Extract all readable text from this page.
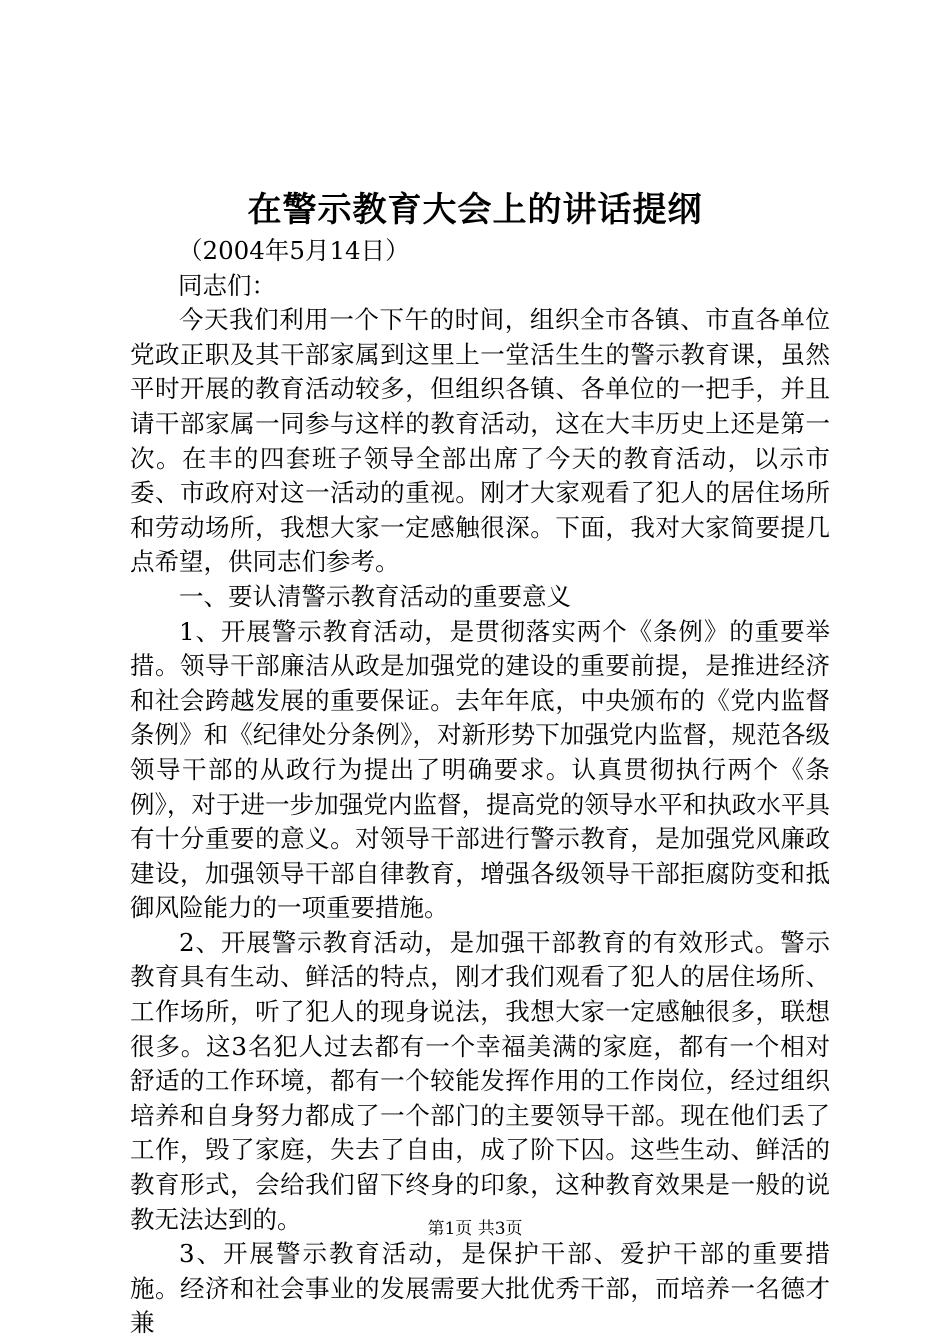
在警示教育大会上的讲话提纲

（2004年5月14日）

同志们：

今天我们利用一个下午的时间，组织全市各镇、市直各单位党政正职及其干部家属到这里上一堂活生生的警示教育课，虽然平时开展的教育活动较多，但组织各镇、各单位的一把手，并且请干部家属一同参与这样的教育活动，这在大丰历史上还是第一次。在丰的四套班子领导全部出席了今天的教育活动，以示市委、市政府对这一活动的重视。刚才大家观看了犯人的居住场所和劳动场所，我想大家一定感触很深。下面，我对大家简要提几点希望，供同志们参考。

一、要认清警示教育活动的重要意义

1、开展警示教育活动，是贯彻落实两个《条例》的重要举措。领导干部廉洁从政是加强党的建设的重要前提，是推进经济和社会跨越发展的重要保证。去年年底，中央颁布的《党内监督条例》和《纪律处分条例》，对新形势下加强党内监督，规范各级领导干部的从政行为提出了明确要求。认真贯彻执行两个《条例》，对于进一步加强党内监督，提高党的领导水平和执政水平具有十分重要的意义。对领导干部进行警示教育，是加强党风廉政建设，加强领导干部自律教育，增强各级领导干部拒腐防变和抵御风险能力的一项重要措施。

2、开展警示教育活动，是加强干部教育的有效形式。警示教育具有生动、鲜活的特点，刚才我们观看了犯人的居住场所、工作场所，听了犯人的现身说法，我想大家一定感触很多，联想很多。这3名犯人过去都有一个幸福美满的家庭，都有一个相对舒适的工作环境，都有一个较能发挥作用的工作岗位，经过组织培养和自身努力都成了一个部门的主要领导干部。现在他们丢了工作，毁了家庭，失去了自由，成了阶下囚。这些生动、鲜活的教育形式，会给我们留下终身的印象，这种教育效果是一般的说教无法达到的。

3、开展警示教育活动，是保护干部、爱护干部的重要措施。经济和社会事业的发展需要大批优秀干部，而培养一名德才兼

第1页 共3页
